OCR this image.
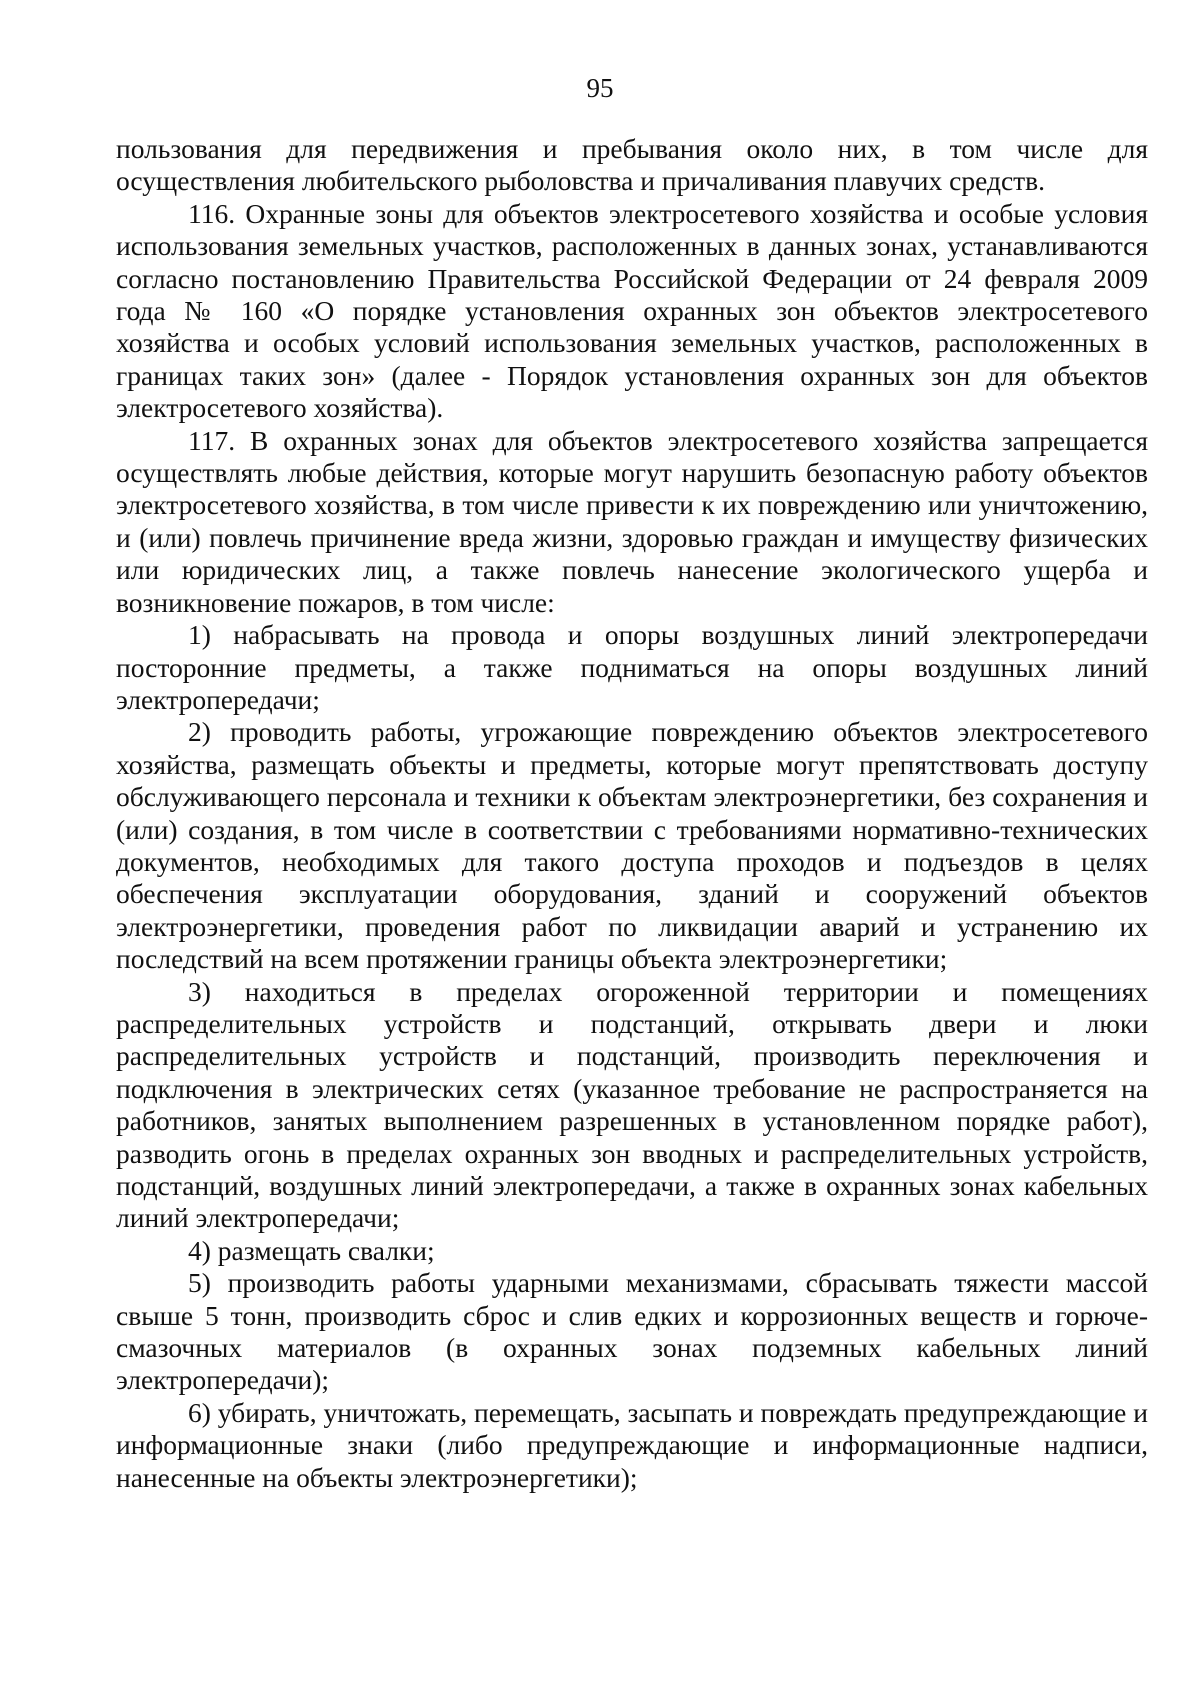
95

пользования для передвижения и пребывания около них, в том числе для осуществления любительского рыболовства и причаливания плавучих средств.

116. Охранные зоны для объектов электросетевого хозяйства и особые условия использования земельных участков, расположенных в данных зонах, устанавливаются согласно постановлению Правительства Российской Федерации от 24 февраля 2009 года № 160 «О порядке установления охранных зон объектов электросетевого хозяйства и особых условий использования земельных участков, расположенных в границах таких зон» (далее - Порядок установления охранных зон для объектов электросетевого хозяйства).

117. В охранных зонах для объектов электросетевого хозяйства запрещается осуществлять любые действия, которые могут нарушить безопасную работу объектов электросетевого хозяйства, в том числе привести к их повреждению или уничтожению, и (или) повлечь причинение вреда жизни, здоровью граждан и имуществу физических или юридических лиц, а также повлечь нанесение экологического ущерба и возникновение пожаров, в том числе:

1) набрасывать на провода и опоры воздушных линий электропередачи посторонние предметы, а также подниматься на опоры воздушных линий электропередачи;

2) проводить работы, угрожающие повреждению объектов электросетевого хозяйства, размещать объекты и предметы, которые могут препятствовать доступу обслуживающего персонала и техники к объектам электроэнергетики, без сохранения и (или) создания, в том числе в соответствии с требованиями нормативно-технических документов, необходимых для такого доступа проходов и подъездов в целях обеспечения эксплуатации оборудования, зданий и сооружений объектов электроэнергетики, проведения работ по ликвидации аварий и устранению их последствий на всем протяжении границы объекта электроэнергетики;

3) находиться в пределах огороженной территории и помещениях распределительных устройств и подстанций, открывать двери и люки распределительных устройств и подстанций, производить переключения и подключения в электрических сетях (указанное требование не распространяется на работников, занятых выполнением разрешенных в установленном порядке работ), разводить огонь в пределах охранных зон вводных и распределительных устройств, подстанций, воздушных линий электропередачи, а также в охранных зонах кабельных линий электропередачи;

4) размещать свалки;

5) производить работы ударными механизмами, сбрасывать тяжести массой свыше 5 тонн, производить сброс и слив едких и коррозионных веществ и горюче-смазочных материалов (в охранных зонах подземных кабельных линий электропередачи);

6) убирать, уничтожать, перемещать, засыпать и повреждать предупреждающие и информационные знаки (либо предупреждающие и информационные надписи, нанесенные на объекты электроэнергетики);
